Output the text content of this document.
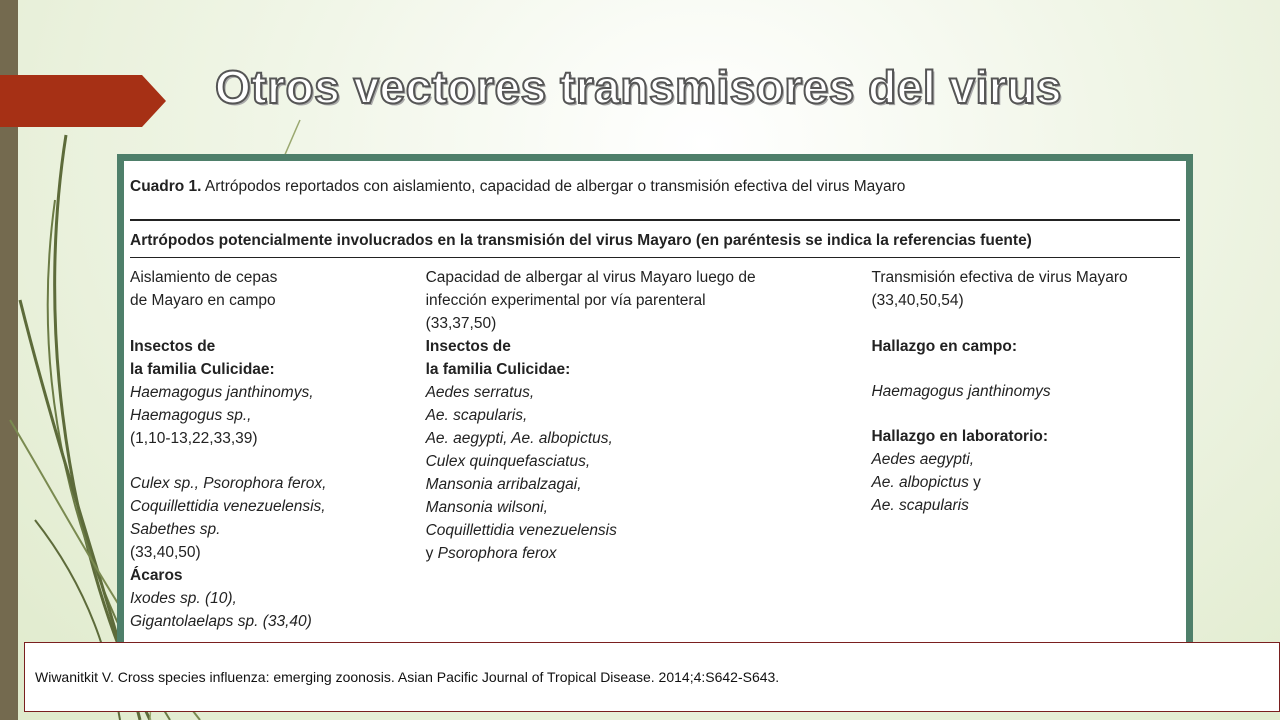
Otros vectores transmisores del virus
Cuadro 1. Artrópodos reportados con aislamiento, capacidad de albergar o transmisión efectiva del virus Mayaro
Artrópodos potencialmente involucrados en la transmisión del virus Mayaro (en paréntesis se indica la referencias fuente)
Aislamiento de cepas
de Mayaro en campo
Insectos de
la familia Culicidae:
Haemagogus janthinomys,
Haemagogus sp.,
(1,10-13,22,33,39)
Culex sp., Psorophora ferox,
Coquillettidia venezuelensis,
Sabethes sp.
(33,40,50)
Ácaros
Ixodes sp. (10),
Gigantolaelaps sp. (33,40)
Capacidad de albergar al virus Mayaro luego de
infección experimental por vía parenteral
(33,37,50)
Insectos de
la familia Culicidae:
Aedes serratus,
Ae. scapularis,
Ae. aegypti, Ae. albopictus,
Culex quinquefasciatus,
Mansonia arribalzagai,
Mansonia wilsoni,
Coquillettidia venezuelensis
y Psorophora ferox
Transmisión efectiva de virus Mayaro
(33,40,50,54)
Hallazgo en campo:
Haemagogus janthinomys
Hallazgo en laboratorio:
Aedes aegypti,
Ae. albopictus y
Ae. scapularis
Wiwanitkit V. Cross species influenza: emerging zoonosis. Asian Pacific Journal of Tropical Disease. 2014;4:S642-S643.
